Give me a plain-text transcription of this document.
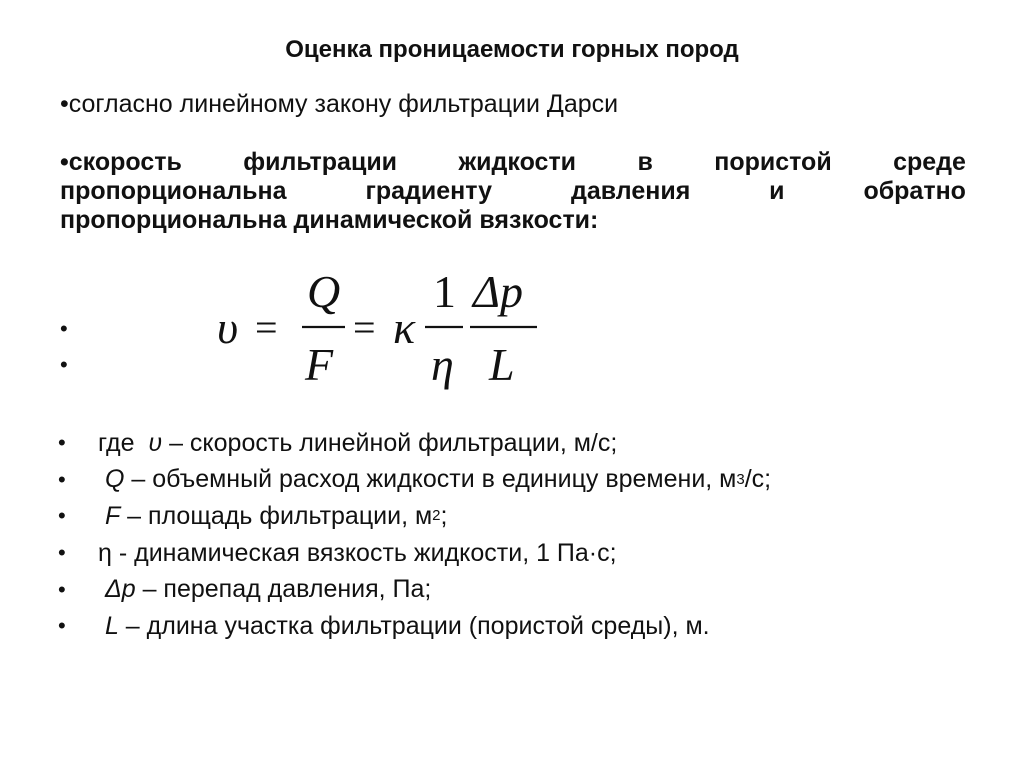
Оценка проницаемости горных пород
•согласно линейному закону фильтрации Дарси
•скорость фильтрации жидкости в пористой среде
пропорциональна	градиенту	давления	и	обратно
пропорциональна динамической вязкости:
•
•
υ =
Q
F
= κ
1
η
Δp
L
•	где υ – скорость линейной фильтрации, м/с;
•
	Q – объемный расход жидкости в единицу времени, м 3 /с;
•
	F – площадь фильтрации, м 2 ;
•	η - динамическая вязкость жидкости, 1 Па·с;
•
	Δр – перепад давления, Па;
•
	L – длина участка фильтрации (пористой среды), м.
